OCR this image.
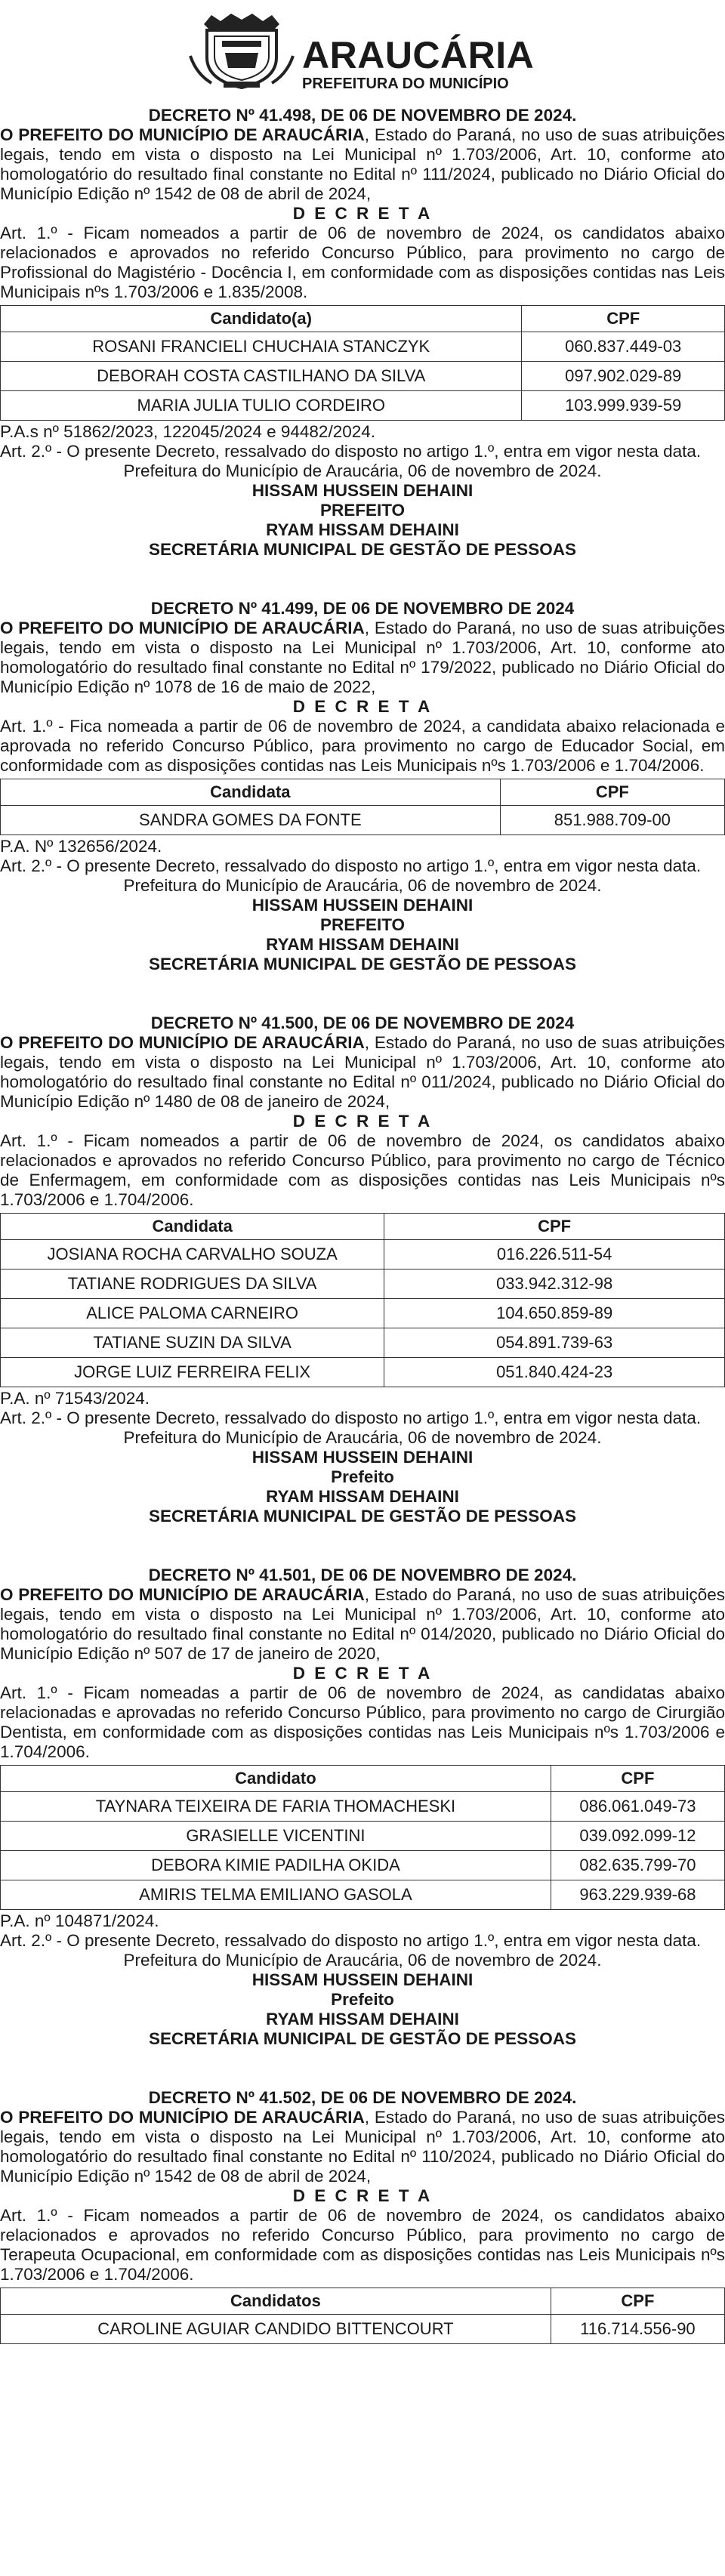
ARAUCÁRIA
PREFEITURA DO MUNICÍPIO
DECRETO Nº 41.498, DE 06 DE NOVEMBRO DE 2024.

O PREFEITO DO MUNICÍPIO DE ARAUCÁRIA, Estado do Paraná, no uso de suas atribuições legais, tendo em vista o disposto na Lei Municipal nº 1.703/2006, Art. 10, conforme ato homologatório do resultado final constante no Edital nº 111/2024, publicado no Diário Oficial do Município Edição nº 1542 de 08 de abril de 2024,

D E C R E T A

Art. 1.º - Ficam nomeados a partir de 06 de novembro de 2024, os candidatos abaixo relacionados e aprovados no referido Concurso Público, para provimento no cargo de Profissional do Magistério - Docência I, em conformidade com as disposições contidas nas Leis Municipais nºs 1.703/2006 e 1.835/2008.

Candidato(a)	CPF
ROSANI FRANCIELI CHUCHAIA STANCZYK	060.837.449-03
DEBORAH COSTA CASTILHANO DA SILVA	097.902.029-89
MARIA JULIA TULIO CORDEIRO	103.999.939-59

P.A.s nº 51862/2023, 122045/2024 e 94482/2024.

Art. 2.º - O presente Decreto, ressalvado do disposto no artigo 1.º, entra em vigor nesta data.

Prefeitura do Município de Araucária, 06 de novembro de 2024.
HISSAM HUSSEIN DEHAINI
PREFEITO
RYAM HISSAM DEHAINI
SECRETÁRIA MUNICIPAL DE GESTÃO DE PESSOAS
DECRETO Nº 41.499, DE 06 DE NOVEMBRO DE 2024

O PREFEITO DO MUNICÍPIO DE ARAUCÁRIA, Estado do Paraná, no uso de suas atribuições legais, tendo em vista o disposto na Lei Municipal nº 1.703/2006, Art. 10, conforme ato homologatório do resultado final constante no Edital nº 179/2022, publicado no Diário Oficial do Município Edição nº 1078 de 16 de maio de 2022,

D E C R E T A

Art. 1.º - Fica nomeada a partir de 06 de novembro de 2024, a candidata abaixo relacionada e aprovada no referido Concurso Público, para provimento no cargo de Educador Social, em conformidade com as disposições contidas nas Leis Municipais nºs 1.703/2006 e 1.704/2006.

Candidata	CPF
SANDRA GOMES DA FONTE	851.988.709-00

P.A. Nº 132656/2024.

Art. 2.º - O presente Decreto, ressalvado do disposto no artigo 1.º, entra em vigor nesta data.

Prefeitura do Município de Araucária, 06 de novembro de 2024.
HISSAM HUSSEIN DEHAINI
PREFEITO
RYAM HISSAM DEHAINI
SECRETÁRIA MUNICIPAL DE GESTÃO DE PESSOAS
DECRETO Nº 41.500, DE 06 DE NOVEMBRO DE 2024

O PREFEITO DO MUNICÍPIO DE ARAUCÁRIA, Estado do Paraná, no uso de suas atribuições legais, tendo em vista o disposto na Lei Municipal nº 1.703/2006, Art. 10, conforme ato homologatório do resultado final constante no Edital nº 011/2024, publicado no Diário Oficial do Município Edição nº 1480 de 08 de janeiro de 2024,

D E C R E T A

Art. 1.º - Ficam nomeados a partir de 06 de novembro de 2024, os candidatos abaixo relacionados e aprovados no referido Concurso Público, para provimento no cargo de Técnico de Enfermagem, em conformidade com as disposições contidas nas Leis Municipais nºs 1.703/2006 e 1.704/2006.

Candidata	CPF
JOSIANA ROCHA CARVALHO SOUZA	016.226.511-54
TATIANE RODRIGUES DA SILVA	033.942.312-98
ALICE PALOMA CARNEIRO	104.650.859-89
TATIANE SUZIN DA SILVA	054.891.739-63
JORGE LUIZ FERREIRA FELIX	051.840.424-23

P.A. nº 71543/2024.

Art. 2.º - O presente Decreto, ressalvado do disposto no artigo 1.º, entra em vigor nesta data.

Prefeitura do Município de Araucária, 06 de novembro de 2024.
HISSAM HUSSEIN DEHAINI
Prefeito
RYAM HISSAM DEHAINI
SECRETÁRIA MUNICIPAL DE GESTÃO DE PESSOAS
DECRETO Nº 41.501, DE 06 DE NOVEMBRO DE 2024.

O PREFEITO DO MUNICÍPIO DE ARAUCÁRIA, Estado do Paraná, no uso de suas atribuições legais, tendo em vista o disposto na Lei Municipal nº 1.703/2006, Art. 10, conforme ato homologatório do resultado final constante no Edital nº 014/2020, publicado no Diário Oficial do Município Edição nº 507 de 17 de janeiro de 2020,

D E C R E T A

Art. 1.º - Ficam nomeadas a partir de 06 de novembro de 2024, as candidatas abaixo relacionadas e aprovadas no referido Concurso Público, para provimento no cargo de Cirurgião Dentista, em conformidade com as disposições contidas nas Leis Municipais nºs 1.703/2006 e 1.704/2006.

Candidato	CPF
TAYNARA TEIXEIRA DE FARIA THOMACHESKI	086.061.049-73
GRASIELLE VICENTINI	039.092.099-12
DEBORA KIMIE PADILHA OKIDA	082.635.799-70
AMIRIS TELMA EMILIANO GASOLA	963.229.939-68

P.A. nº 104871/2024.

Art. 2.º - O presente Decreto, ressalvado do disposto no artigo 1.º, entra em vigor nesta data.

Prefeitura do Município de Araucária, 06 de novembro de 2024.
HISSAM HUSSEIN DEHAINI
Prefeito
RYAM HISSAM DEHAINI
SECRETÁRIA MUNICIPAL DE GESTÃO DE PESSOAS
DECRETO Nº 41.502, DE 06 DE NOVEMBRO DE 2024.

O PREFEITO DO MUNICÍPIO DE ARAUCÁRIA, Estado do Paraná, no uso de suas atribuições legais, tendo em vista o disposto na Lei Municipal nº 1.703/2006, Art. 10, conforme ato homologatório do resultado final constante no Edital nº 110/2024, publicado no Diário Oficial do Município Edição nº 1542 de 08 de abril de 2024,

D E C R E T A

Art. 1.º - Ficam nomeados a partir de 06 de novembro de 2024, os candidatos abaixo relacionados e aprovados no referido Concurso Público, para provimento no cargo de Terapeuta Ocupacional, em conformidade com as disposições contidas nas Leis Municipais nºs 1.703/2006 e 1.704/2006.

Candidatos	CPF
CAROLINE AGUIAR CANDIDO BITTENCOURT	116.714.556-90
